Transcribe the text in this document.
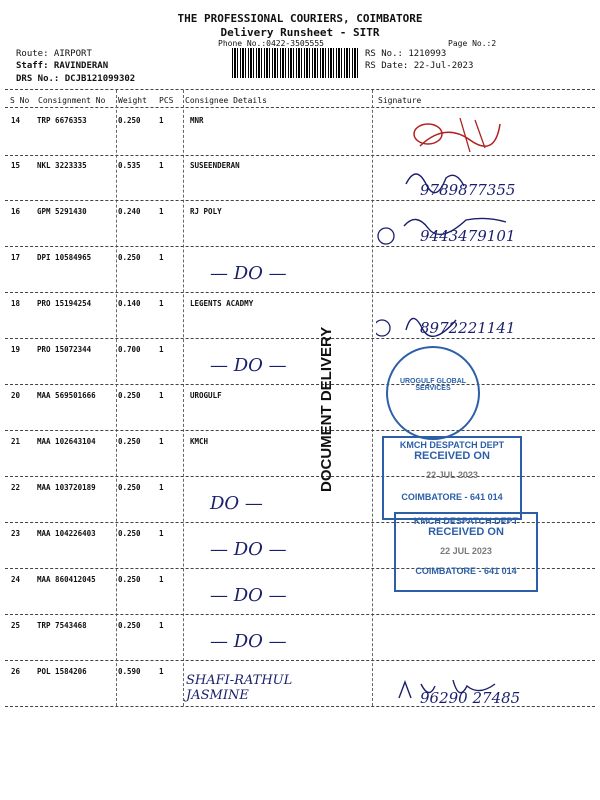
THE PROFESSIONAL COURIERS, COIMBATORE
Delivery Runsheet - SITR
Phone No.:0422-3505555	Page No.:2
Route: AIRPORT
Staff: RAVINDERAN
DRS No.: DCJB121099302
RS No.: 1210993
RS Date: 22-Jul-2023
S No Consignment No Weight PCS Consignee Details	Signature
14 TRP 6676353	0.250 1	MNR
15 NKL 3223335	0.535 1	SUSEENDERAN
9789877355
16 GPM 5291430	0.240 1	RJ POLY
9443479101
17 DPI 10584965	0.250 1
— DO —
18 PRO 15194254	0.140 1	LEGENTS ACADMY
8972221141
19 PRO 15072344	0.700 1
— DO —
20 MAA 569501666	0.250 1	UROGULF
21 MAA 102643104	0.250 1	KMCH
22 MAA 103720189	0.250 1
DO —
23 MAA 104226403	0.250 1
— DO —
24 MAA 860412045	0.250 1
— DO —
25 TRP 7543468	0.250 1
— DO —
26 POL 1584206	0.590 1
SHAFI-RATHUL JASMINE	96290 27485
DOCUMENT DELIVERY	UROGULF GLOBAL SERVICES
KMCH DESPATCH DEPT
RECEIVED ON
22 JUL 2023
COIMBATORE - 641 014
KMCH DESPATCH DEPT
RECEIVED ON
22 JUL 2023
COIMBATORE - 641 014
